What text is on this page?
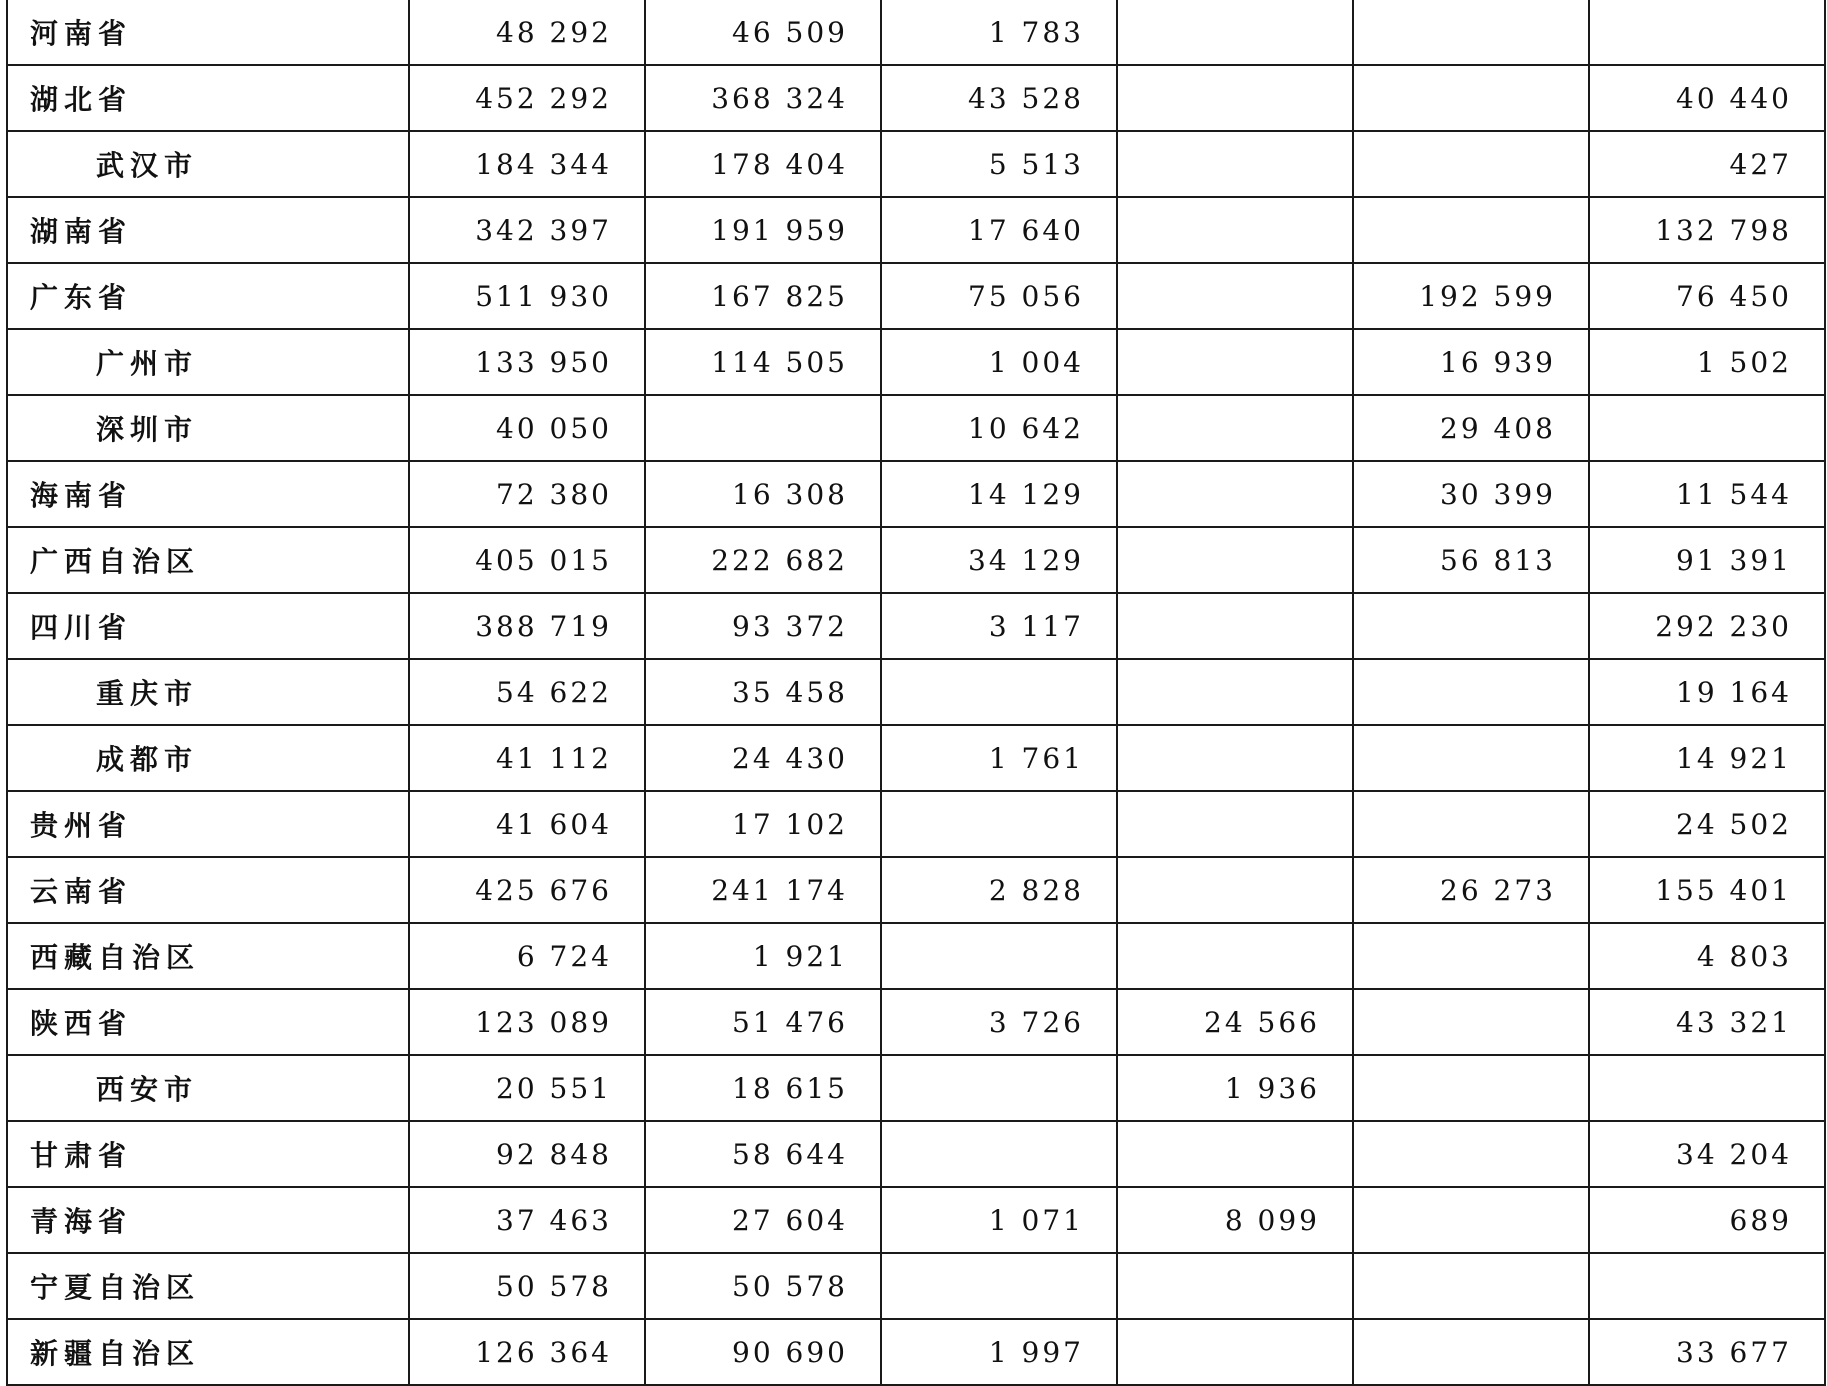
河南省	48 292	46 509	1 783			
湖北省	452 292	368 324	43 528			40 440
武汉市	184 344	178 404	5 513			427
湖南省	342 397	191 959	17 640			132 798
广东省	511 930	167 825	75 056		192 599	76 450
广州市	133 950	114 505	1 004		16 939	1 502
深圳市	40 050		10 642		29 408	
海南省	72 380	16 308	14 129		30 399	11 544
广西自治区	405 015	222 682	34 129		56 813	91 391
四川省	388 719	93 372	3 117			292 230
重庆市	54 622	35 458				19 164
成都市	41 112	24 430	1 761			14 921
贵州省	41 604	17 102				24 502
云南省	425 676	241 174	2 828		26 273	155 401
西藏自治区	6 724	1 921				4 803
陕西省	123 089	51 476	3 726	24 566		43 321
西安市	20 551	18 615		1 936		
甘肃省	92 848	58 644				34 204
青海省	37 463	27 604	1 071	8 099		689
宁夏自治区	50 578	50 578				
新疆自治区	126 364	90 690	1 997			33 677
